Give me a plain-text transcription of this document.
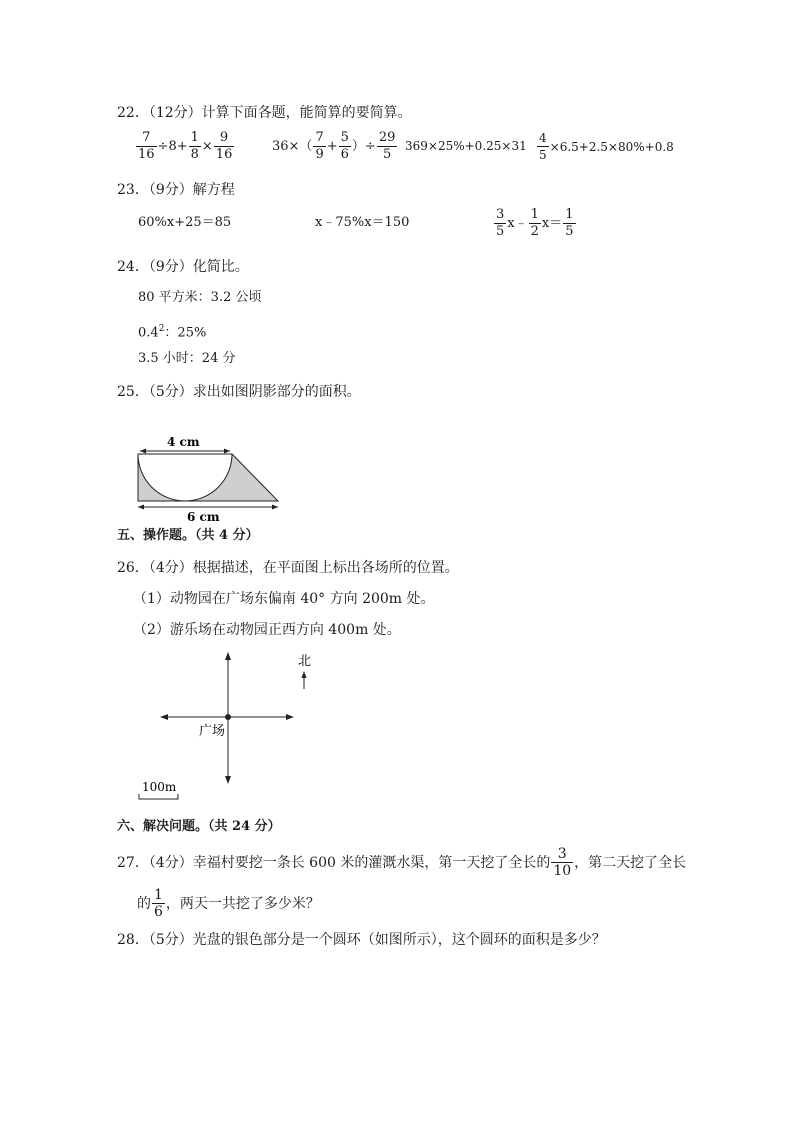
22．（12分）计算下面各题，能简算的要简算。
$\frac{7}{16} \div 8+ \frac{1}{8} \times \frac{9}{16}$	$36\times( \frac{7}{9} + \frac{5}{6}$ ）÷ $\frac{29}{5} 369\times 25\%+0.25\times 31 \frac{4}{5} \times 6.5+2.5\times 80\%+0.8$
23．（9分）解方程
60%x+25＝85	x﹣75%x＝150	$\frac{3}{5}$ x﹣ $\frac{1}{2} x= \frac{1}{5}$
24．（9分）化简比。
80 平方米：3.2 公顷
$0.4^2$：25%
3.5 小时：24 分
25．（5分）求出如图阴影部分的面积。
4 cm
6 cm
五、操作题。（共 4 分）
26．（4分）根据描述，在平面图上标出各场所的位置。
（1）动物园在广场东偏南 40° 方向 200m 处。
（2）游乐场在动物园正西方向 400m 处。
广场
北
100m
六、解决问题。（共 24 分）
27．（4分）幸福村要挖一条长 600 米的灌溉水渠，第一天挖了全长的 $\frac{3}{10}$ ，第二天挖了全长
的 $\frac{1}{6}$ ，两天一共挖了多少米？
28．（5分）光盘的银色部分是一个圆环（如图所示），这个圆环的面积是多少？
